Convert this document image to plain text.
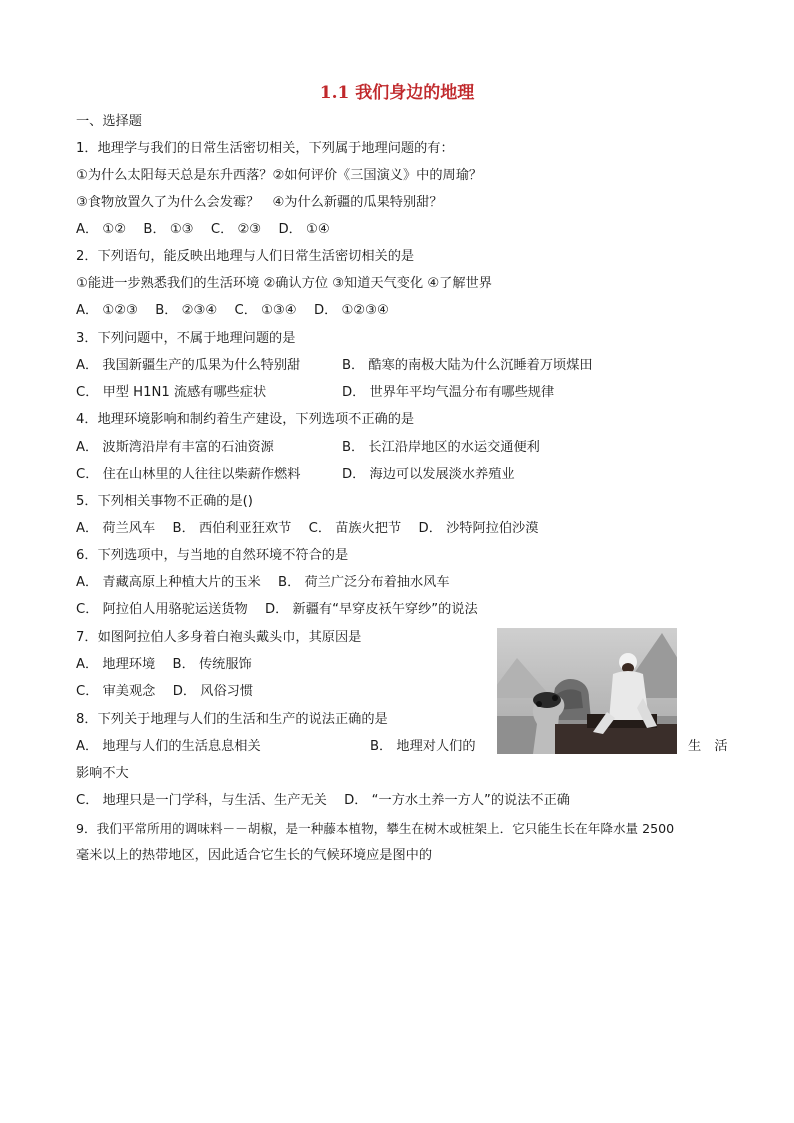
1.1 我们身边的地理
一、选择题
1．地理学与我们的日常生活密切相关，下列属于地理问题的有：
①为什么太阳每天总是东升西落？②如何评价《三国演义》中的周瑜？
③食物放置久了为什么会发霉？　④为什么新疆的瓜果特别甜？
A． ①②　 B． ①③　 C． ②③　 D． ①④
2．下列语句，能反映出地理与人们日常生活密切相关的是
①能进一步熟悉我们的生活环境 ②确认方位 ③知道天气变化 ④了解世界
A． ①②③　 B． ②③④　 C． ①③④　 D． ①②③④
3．下列问题中，不属于地理问题的是
A． 我国新疆生产的瓜果为什么特别甜	B． 酷寒的南极大陆为什么沉睡着万顷煤田
C． 甲型 H1N1 流感有哪些症状	D． 世界年平均气温分布有哪些规律
4．地理环境影响和制约着生产建设，下列选项不正确的是
A． 波斯湾沿岸有丰富的石油资源	B． 长江沿岸地区的水运交通便利
C． 住在山林里的人往往以柴薪作燃料	D． 海边可以发展淡水养殖业
5．下列相关事物不正确的是()
A． 荷兰风车　 B． 西伯利亚狂欢节　 C． 苗族火把节　 D． 沙特阿拉伯沙漠
6．下列选项中，与当地的自然环境不符合的是
A． 青藏高原上种植大片的玉米　 B． 荷兰广泛分布着抽水风车
C． 阿拉伯人用骆驼运送货物　 D． 新疆有“早穿皮袄午穿纱”的说法
7．如图阿拉伯人多身着白袍头戴头巾，其原因是
A． 地理环境　 B． 传统服饰
C． 审美观念　 D． 风俗习惯
8．下列关于地理与人们的生活和生产的说法正确的是
A． 地理与人们的生活息息相关	B． 地理对人们的	生　活
影响不大
C． 地理只是一门学科，与生活、生产无关　 D． “一方水土养一方人”的说法不正确
9．我们平常所用的调味料－－胡椒，是一种藤本植物，攀生在树木或桩架上．它只能生长在年降水量 2500
毫米以上的热带地区，因此适合它生长的气候环境应是图中的
